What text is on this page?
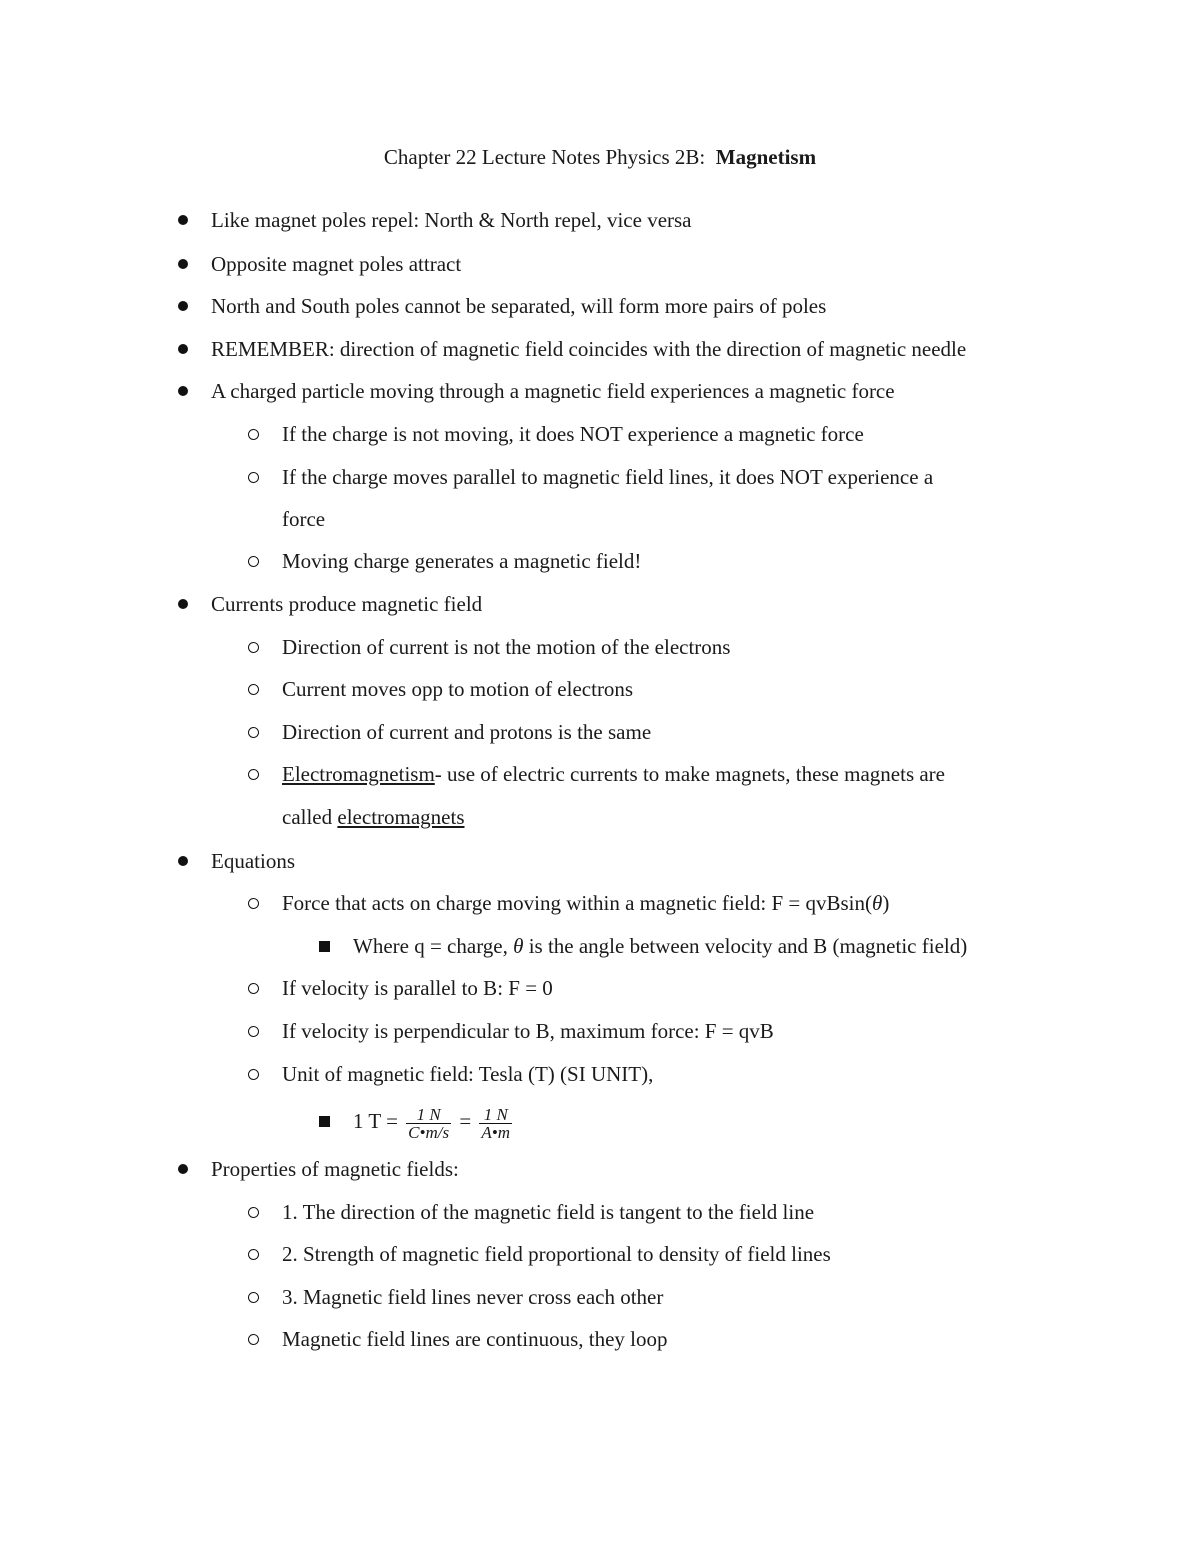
Chapter 22 Lecture Notes Physics 2B: Magnetism
Like magnet poles repel: North & North repel, vice versa
Opposite magnet poles attract
North and South poles cannot be separated, will form more pairs of poles
REMEMBER: direction of magnetic field coincides with the direction of magnetic needle
A charged particle moving through a magnetic field experiences a magnetic force
If the charge is not moving, it does NOT experience a magnetic force
If the charge moves parallel to magnetic field lines, it does NOT experience a
force
Moving charge generates a magnetic field!
Currents produce magnetic field
Direction of current is not the motion of the electrons
Current moves opp to motion of electrons
Direction of current and protons is the same
Electromagnetism- use of electric currents to make magnets, these magnets are
called electromagnets
Equations
Force that acts on charge moving within a magnetic field: F = qvBsin(θ)
Where q = charge, θ is the angle between velocity and B (magnetic field)
If velocity is parallel to B: F = 0
If velocity is perpendicular to B, maximum force: F = qvB
Unit of magnetic field: Tesla (T) (SI UNIT),
1 $T = \frac{1 N}{C•m/s} = \frac{1 N}{A•m}$
Properties of magnetic fields:
1. The direction of the magnetic field is tangent to the field line
2. Strength of magnetic field proportional to density of field lines
3. Magnetic field lines never cross each other
Magnetic field lines are continuous, they loop
